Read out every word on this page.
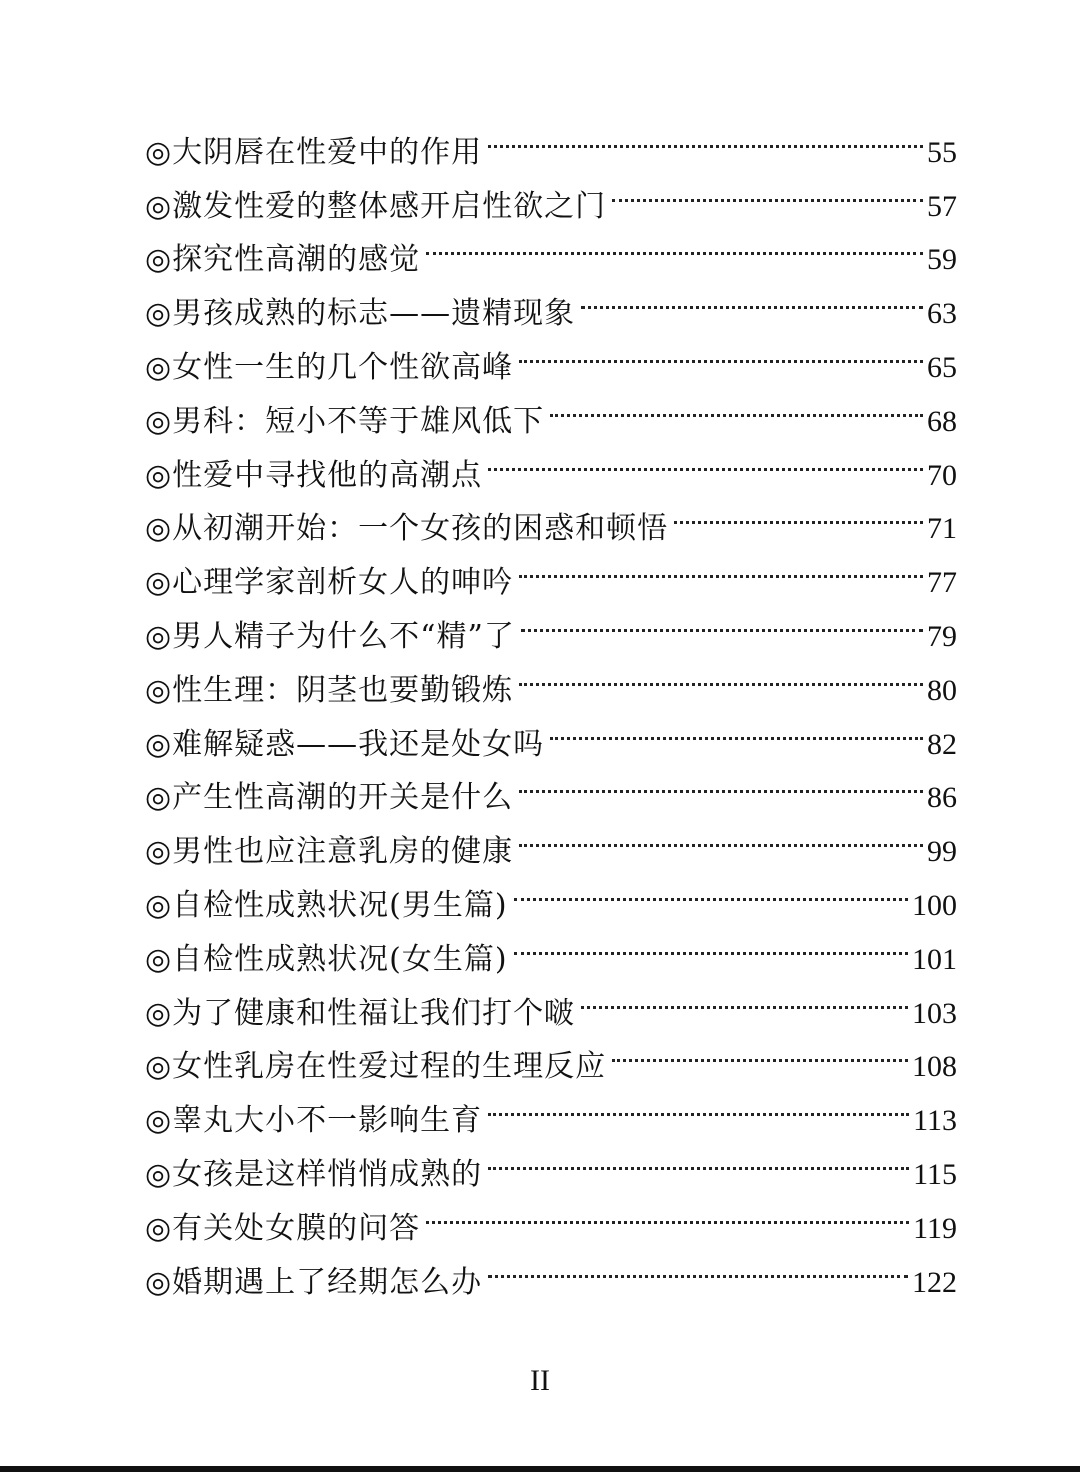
◎大阴唇在性爱中的作用	55
◎激发性爱的整体感开启性欲之门	57
◎探究性高潮的感觉	59
◎男孩成熟的标志——遗精现象	63
◎女性一生的几个性欲高峰	65
◎男科：短小不等于雄风低下	68
◎性爱中寻找他的高潮点	70
◎从初潮开始：一个女孩的困惑和顿悟	71
◎心理学家剖析女人的呻吟	77
◎男人精子为什么不“精”了	79
◎性生理：阴茎也要勤锻炼	80
◎难解疑惑——我还是处女吗	82
◎产生性高潮的开关是什么	86
◎男性也应注意乳房的健康	99
◎自检性成熟状况(男生篇)	100
◎自检性成熟状况(女生篇)	101
◎为了健康和性福让我们打个啵	103
◎女性乳房在性爱过程的生理反应	108
◎睾丸大小不一影响生育	113
◎女孩是这样悄悄成熟的	115
◎有关处女膜的问答	119
◎婚期遇上了经期怎么办	122
II
